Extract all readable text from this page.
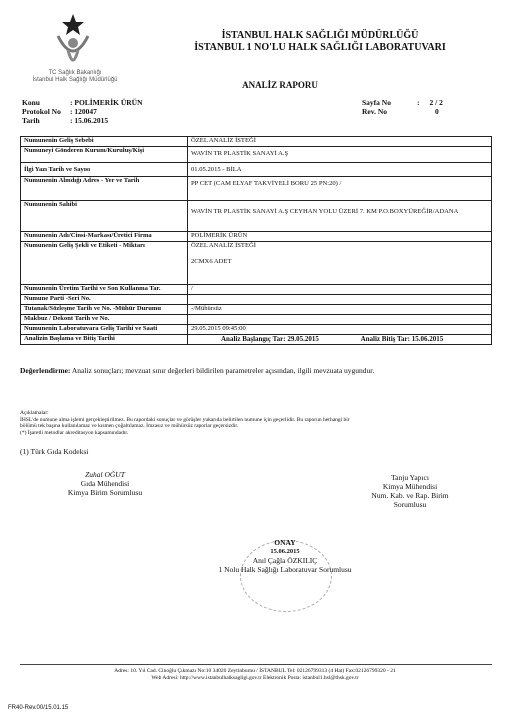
TC Sağlık Bakanlığı
İstanbul Halk Sağlığı Müdürlüğü
İSTANBUL HALK SAĞLIĞI MÜDÜRLÜĞÜ
İSTANBUL 1 NO'LU HALK SAĞLIĞI LABORATUVARI
ANALİZ RAPORU
Konu	: POLİMERİK ÜRÜN
Protokol No : 120047
Tarih	: 15.06.2015
Sayfa No	: 2 / 2
Rev. No	0
Numunenin Geliş Sebebi	ÖZEL ANALİZ İSTEĞİ
Numuneyi Gönderen Kurum/Kuruluş/Kişi	WAVİN TR PLASTİK SANAYİ A.Ş
İlgi Yazı Tarih ve Sayısı	01.05.2015 - BİLA
Numunenin Alındığı Adres - Yer ve Tarih	PP CET (CAM ELYAF TAKVİYELİ BORU 25 PN:20) /
Numunenin Sahibi	WAVİN TR PLASTİK SANAYİ A.Ş CEYHAN YOLU ÜZERİ 7. KM P.O.BOXYÜREĞİR/ADANA
Numunenin Adı/Cinsi-Markası/Üretici Firma	POLİMERİK ÜRÜN
Numunenin Geliş Şekli ve Etiketi - Miktarı	ÖZEL ANALİZ İSTEĞİ

2CMX6 ADET
Numunenin Üretim Tarihi ve Son Kullanma Tar.	/
Numune Parti -Seri No.	
Tutanak/Sözleşme Tarih ve No. -Mühür Durumu	-/Mühürsüz
Makbuz / Dekont Tarih ve No.	
Numunenin Laboratuvara Geliş Tarihi ve Saati	29.05.2015 09:45:00
Analizin Başlama ve Bitiş Tarihi	Analiz Başlangıç Tar: 29.05.2015 Analiz Bitiş Tar: 15.06.2015
Değerlendirme: Analiz sonuçları; mevzuat sınır değerleri bildirilen parametreler açısından, ilgili mevzuata uygundur.
Açıklamalar:
İHSL'de numune alma işlemi gerçekleştirilmez. Bu rapordaki sonuçlar ve görüşler yukarıda belirtilen numune için geçerlidir. Bu raporun herhangi bir
bölümü tek başına kullanılamaz ve kısmen çoğaltılamaz. İmzasız ve mühürsüz raporlar geçersizdir.
(*) İşaretli metodlar akreditasyon kapsamındadır.
(1) Türk Gıda Kodeksi
Zuhal OĞUT
Gıda Mühendisi
Kimya Birim Sorumlusu
Tanju Yapıcı
Kimya Mühendisi
Num. Kab. ve Rap. Birim
Sorumlusu
ONAY
15.06.2015
Anıl Çağla ÖZKILIÇ
1 Nolu Halk Sağlığı Laboratuvar Sorumlusu
Adres: 10. Yıl Cad. Cinoğlu Çıkmazı No:10 34020 Zeytinburnu / İSTANBUL Tel: 02126799313 (4 Hat) Fax:02126799320 - 21
Web Adresi: http://www.istanbulhalksagligi.gov.tr Elektronik Posta: istanbul1.hsl@thsk.gov.tr
FR40-Rev.00/15.01.15
